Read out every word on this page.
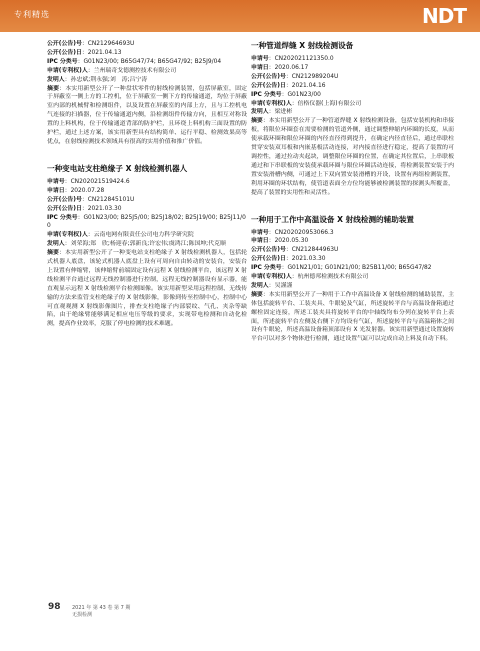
专利精选	NDT
公开(公告)号：CN212964693U
公开(公告)日：2021.04.13
IPC 分类号：G01N23/00; B65G47/74; B65G47/92; B25J9/04
申请(专利权)人：兰州瑞奇戈德测控技术有限公司
发明人：孙忠斌;荆永强;刘　涛;吕宁涛
摘要：本实用新型公开了一种盘状零件的射线检测装置，包括屏蔽室，固定于屏蔽室一侧上方的工控机，位于屏蔽室一侧下方的传输通道，均位于屏蔽室内部的机械臂和检测组件，以及设置在屏蔽室的内部上方，且与工控机电气连接的扫描器，位于传输通道内侧，沿检测组件传输方向，且相互对称设置的上料机构，位于传输通道背部的防护栏，且环绕上料机构三面设置的防护栏，通过上述方案，该实用新型具有结构简单、运行平稳、检测效果高等优点，在射线检测技术领域具有很高的实用价值和推广价值。
一种变电站支柱绝缘子 X 射线检测机器人
申请号：CN202021519424.6
申请日：2020.07.28
公开(公告)号：CN212845101U
公开(公告)日：2021.03.30
IPC 分类号：G01N23/00; B25J5/00; B25J18/02; B25J19/00; B25J11/00
申请(专利权)人：云南电网有限责任公司电力科学研究院
发明人：刘荣海;郑　欣;杨迎春;郭新良;许宏伟;虞鸿江;陈国坤;代克顺
摘要：本实用新型公开了一种变电站支柱绝缘子 X 射线检测机器人，包括轮式机器人底盘，该轮式机器人底盘上设有可周向自由转动的安装台，安装台上设置有伸缩臂，该伸缩臂前端固定设有远程 X 射线检测平台，该远程 X 射线检测平台通过远程无线控制器进行控制，远程无线控制器设有显示器，能直观显示远程 X 射线检测平台检测图像。该实用新型采用远程控制、无线传输的方法来监管支柱绝缘子的 X 射线影像，影像到传至控制中心，控制中心可直观观测 X 射线影像图片，排查支柱绝缘子内部裂纹、气孔、夹杂等缺陷，由于绝缘臂能够满足相应电压等级的要求，实现带电检测和自动化检测，提高作业效率，克服了停电检测的技术难题。
一种管道焊缝 X 射线检测设备
申请号：CN202021121350.0
申请日：2020.06.17
公开(公告)号：CN212989204U
公开(公告)日：2021.04.16
IPC 分类号：G01N23/00
申请(专利权)人：倍格仪器(上海)有限公司
发明人：梁进彬
摘要：本实用新型公开了一种管道焊缝 X 射线检测设备，包括安装机构和串接板，将限位环圈套在需要检测的管道外侧，通过调整伸缩内环圈的长度，从而使承载环圈和限位环圈的内径直径得到提升，在确定内径直径后，通过串联柱贯穿安装双耳板和内嵌基板活动连接，对内接直径进行稳定，提高了装置的可调控性，通过拉动夹起块，调整限位环圈的位置，在确定其位置后，上串联板通过和下串联板的安装使承载环圈与限位环圈活动连接，将检测装置安装于内置安装滑槽内侧，可通过上下双向置安装滑槽的开设，设置有两组检测装置，利用环圈的环状结构，使管道表面全方位均能够被检测装置的探测头所覆盖，提高了装置的实用性和灵活性。
一种用于工作中高温设备 X 射线检测的辅助装置
申请号：CN202020953066.3
申请日：2020.05.30
公开(公告)号：CN212844963U
公开(公告)日：2021.03.30
IPC 分类号：G01N21/01; G01N21/00; B25B11/00; B65G47/82
申请(专利权)人：杭州德邦检测技术有限公司
发明人：吴謹謹
摘要：本实用新型公开了一种用于工作中高温设备 X 射线检测的辅助装置，主体包括旋转平台、工装夹具、牛眼轮及气缸，所述旋转平台与高温设备箱通过螺栓固定连接，所述工装夹具将旋转平台的中轴线均布分列在旋转平台上表面，所述旋转平台左侧及右侧下方均设有气缸，所述旋转平台与高温箱体之间设有牛眼轮，所述高温设备箱顶部设有 X 光发射器。该实用新型通过设置旋转平台可以对多个物体进行检测，通过设置气缸可以完成自动上料及自动下料。
98 2021 年 第 43 卷 第 7 期
无损检测
